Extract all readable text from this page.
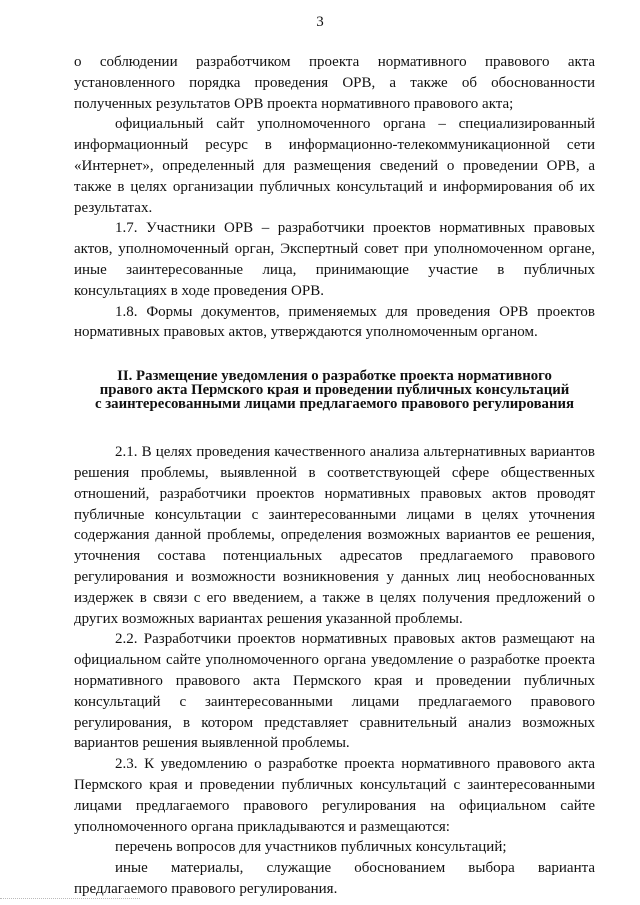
3

о соблюдении разработчиком проекта нормативного правового акта установленного порядка проведения ОРВ, а также об обоснованности полученных результатов ОРВ проекта нормативного правового акта;

официальный сайт уполномоченного органа – специализированный информационный ресурс в информационно-телекоммуникационной сети «Интернет», определенный для размещения сведений о проведении ОРВ, а также в целях организации публичных консультаций и информирования об их результатах.

1.7. Участники ОРВ – разработчики проектов нормативных правовых актов, уполномоченный орган, Экспертный совет при уполномоченном органе, иные заинтересованные лица, принимающие участие в публичных консультациях в ходе проведения ОРВ.

1.8. Формы документов, применяемых для проведения ОРВ проектов нормативных правовых актов, утверждаются уполномоченным органом.

II. Размещение уведомления о разработке проекта нормативного
правого акта Пермского края и проведении публичных консультаций
с заинтересованными лицами предлагаемого правового регулирования

2.1. В целях проведения качественного анализа альтернативных вариантов решения проблемы, выявленной в соответствующей сфере общественных отношений, разработчики проектов нормативных правовых актов проводят публичные консультации с заинтересованными лицами в целях уточнения содержания данной проблемы, определения возможных вариантов ее решения, уточнения состава потенциальных адресатов предлагаемого правового регулирования и возможности возникновения у данных лиц необоснованных издержек в связи с его введением, а также в целях получения предложений о других возможных вариантах решения указанной проблемы.

2.2. Разработчики проектов нормативных правовых актов размещают на официальном сайте уполномоченного органа уведомление о разработке проекта нормативного правового акта Пермского края и проведении публичных консультаций с заинтересованными лицами предлагаемого правового регулирования, в котором представляет сравнительный анализ возможных вариантов решения выявленной проблемы.

2.3. К уведомлению о разработке проекта нормативного правового акта Пермского края и проведении публичных консультаций с заинтересованными лицами предлагаемого правового регулирования на официальном сайте уполномоченного органа прикладываются и размещаются:

перечень вопросов для участников публичных консультаций;

иные материалы, служащие обоснованием выбора варианта предлагаемого правового регулирования.
